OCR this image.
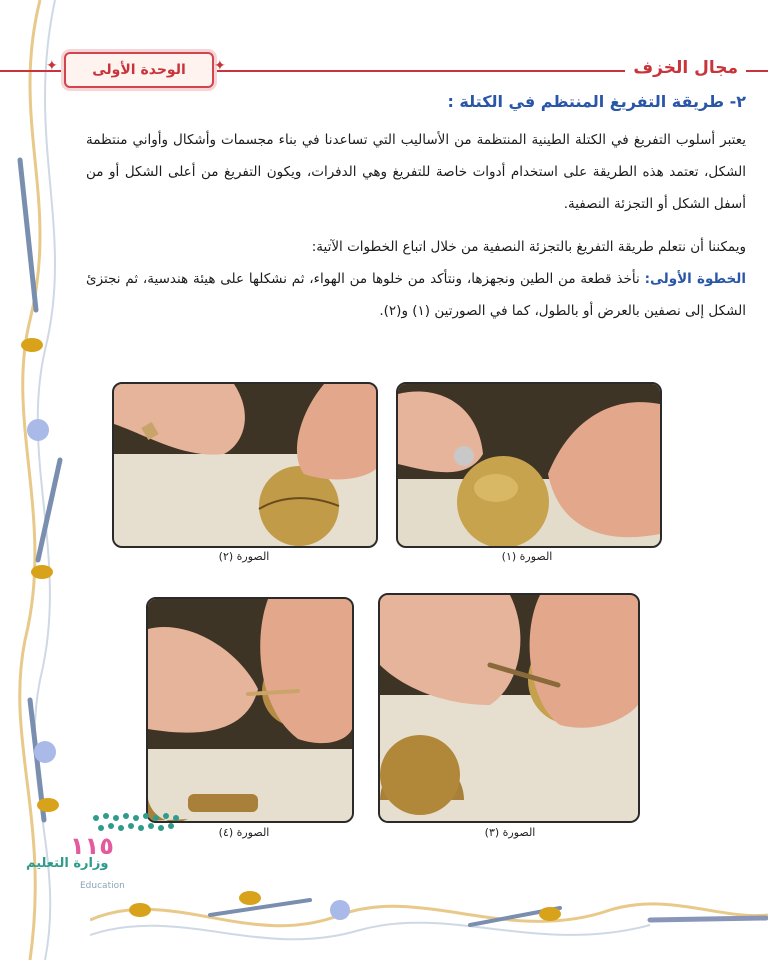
مجال الخزف
✦	الوحدة الأولى ✦
٢- طريقة التفريغ المنتظم في الكتلة :
يعتبر أسلوب التفريغ في الكتلة الطينية المنتظمة من الأساليب التي تساعدنا في بناء مجسمات وأشكال وأواني منتظمة الشكل، تعتمد هذه الطريقة على استخدام أدوات خاصة للتفريغ وهي الدفرات، ويكون التفريغ من أعلى الشكل أو من أسفل الشكل أو التجزئة النصفية.
ويمكننا أن نتعلم طريقة التفريغ بالتجزئة النصفية من خلال اتباع الخطوات الآتية:
الخطوة الأولى: نأخذ قطعة من الطين ونجهزها، ونتأكد من خلوها من الهواء، ثم نشكلها على هيئة هندسية، ثم نجتزئ الشكل إلى نصفين بالعرض أو بالطول، كما في الصورتين (١) و(٢).
الصورة (١)
الصورة (٢)
الصورة (٣)
الصورة (٤)
١١٥
وزارة التعليم
Education
